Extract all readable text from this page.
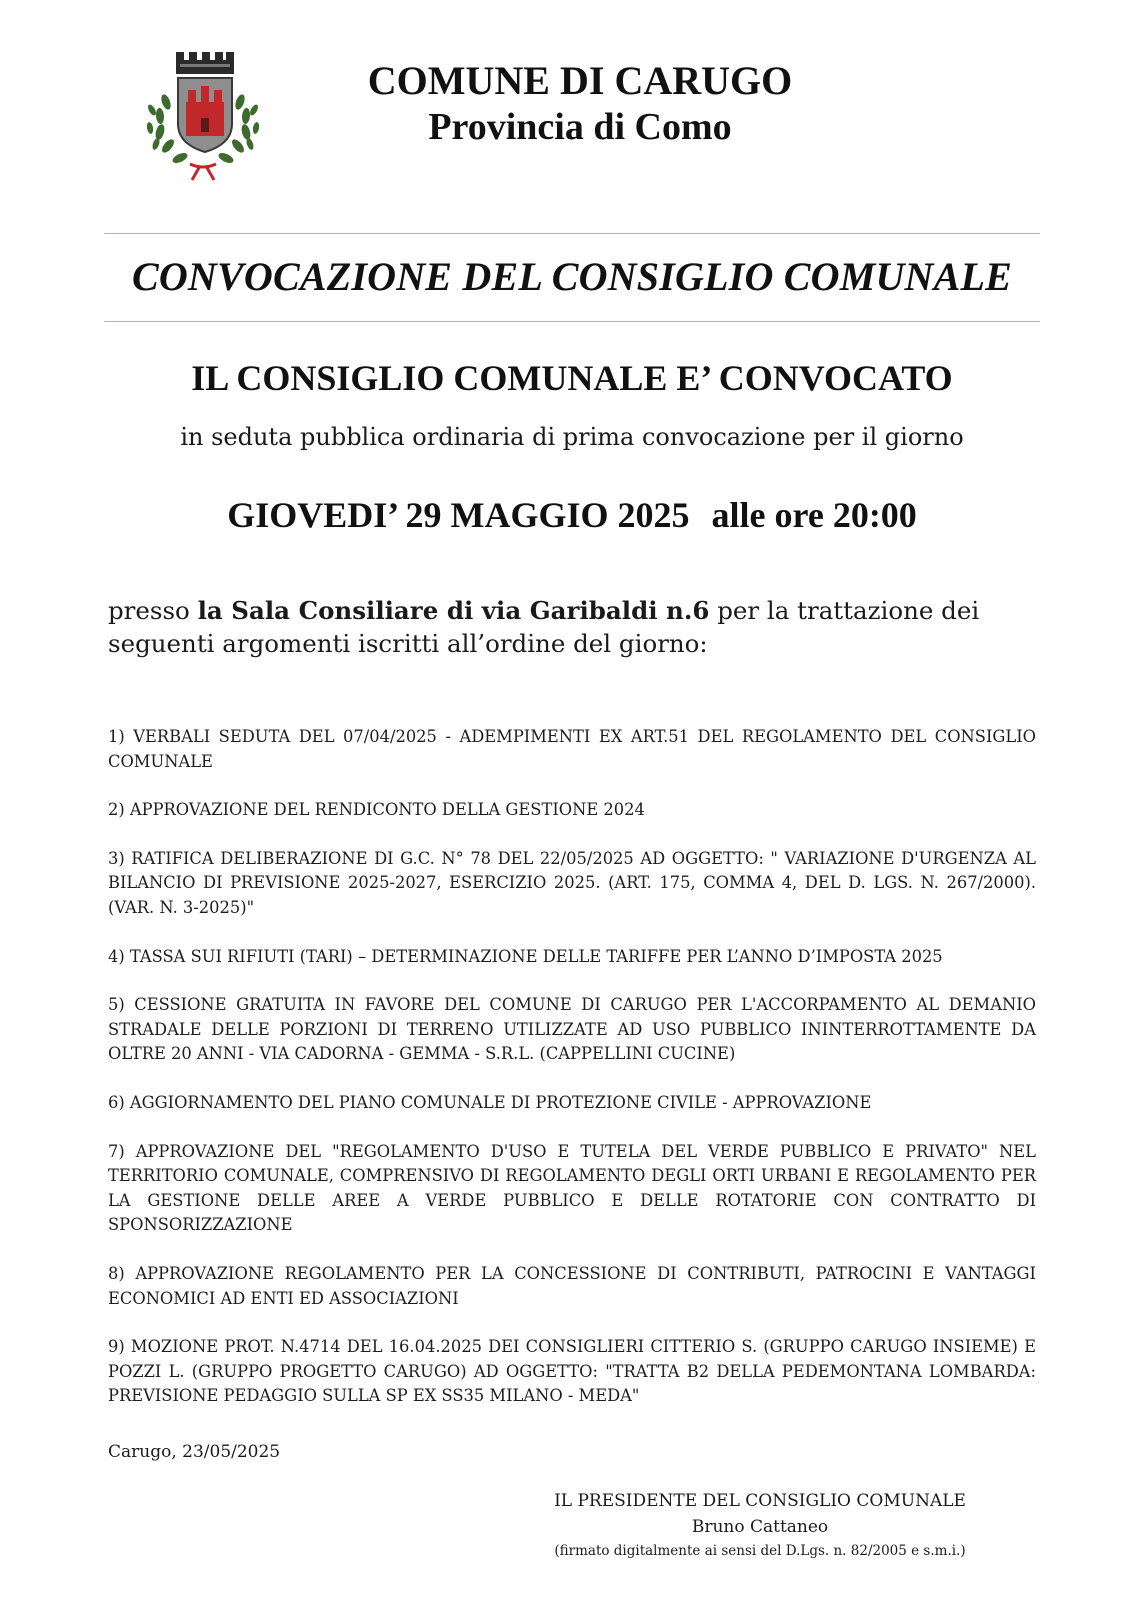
COMUNE DI CARUGO
Provincia di Como
CONVOCAZIONE DEL CONSIGLIO COMUNALE
IL CONSIGLIO COMUNALE E’ CONVOCATO
in seduta pubblica ordinaria di prima convocazione per il giorno
GIOVEDI’ 29 MAGGIO 2025 alle ore 20:00
presso la Sala Consiliare di via Garibaldi n.6 per la trattazione dei seguenti argomenti iscritti all’ordine del giorno:
1) VERBALI SEDUTA DEL 07/04/2025 - ADEMPIMENTI EX ART.51 DEL REGOLAMENTO DEL CONSIGLIO COMUNALE
2) APPROVAZIONE DEL RENDICONTO DELLA GESTIONE 2024
3) RATIFICA DELIBERAZIONE DI G.C. N° 78 DEL 22/05/2025 AD OGGETTO: " VARIAZIONE D'URGENZA AL BILANCIO DI PREVISIONE 2025-2027, ESERCIZIO 2025. (ART. 175, COMMA 4, DEL D. LGS. N. 267/2000). (VAR. N. 3-2025)"
4) TASSA SUI RIFIUTI (TARI) – DETERMINAZIONE DELLE TARIFFE PER L’ANNO D’IMPOSTA 2025
5) CESSIONE GRATUITA IN FAVORE DEL COMUNE DI CARUGO PER L'ACCORPAMENTO AL DEMANIO STRADALE DELLE PORZIONI DI TERRENO UTILIZZATE AD USO PUBBLICO ININTERROTTAMENTE DA OLTRE 20 ANNI - VIA CADORNA - GEMMA - S.R.L. (CAPPELLINI CUCINE)
6) AGGIORNAMENTO DEL PIANO COMUNALE DI PROTEZIONE CIVILE - APPROVAZIONE
7) APPROVAZIONE DEL "REGOLAMENTO D'USO E TUTELA DEL VERDE PUBBLICO E PRIVATO" NEL TERRITORIO COMUNALE, COMPRENSIVO DI REGOLAMENTO DEGLI ORTI URBANI E REGOLAMENTO PER LA GESTIONE DELLE AREE A VERDE PUBBLICO E DELLE ROTATORIE CON CONTRATTO DI SPONSORIZZAZIONE
8) APPROVAZIONE REGOLAMENTO PER LA CONCESSIONE DI CONTRIBUTI, PATROCINI E VANTAGGI ECONOMICI AD ENTI ED ASSOCIAZIONI
9) MOZIONE PROT. N.4714 DEL 16.04.2025 DEI CONSIGLIERI CITTERIO S. (GRUPPO CARUGO INSIEME) E POZZI L. (GRUPPO PROGETTO CARUGO) AD OGGETTO: "TRATTA B2 DELLA PEDEMONTANA LOMBARDA: PREVISIONE PEDAGGIO SULLA SP EX SS35 MILANO - MEDA"
Carugo, 23/05/2025
IL PRESIDENTE DEL CONSIGLIO COMUNALE
Bruno Cattaneo
(firmato digitalmente ai sensi del D.Lgs. n. 82/2005 e s.m.i.)
